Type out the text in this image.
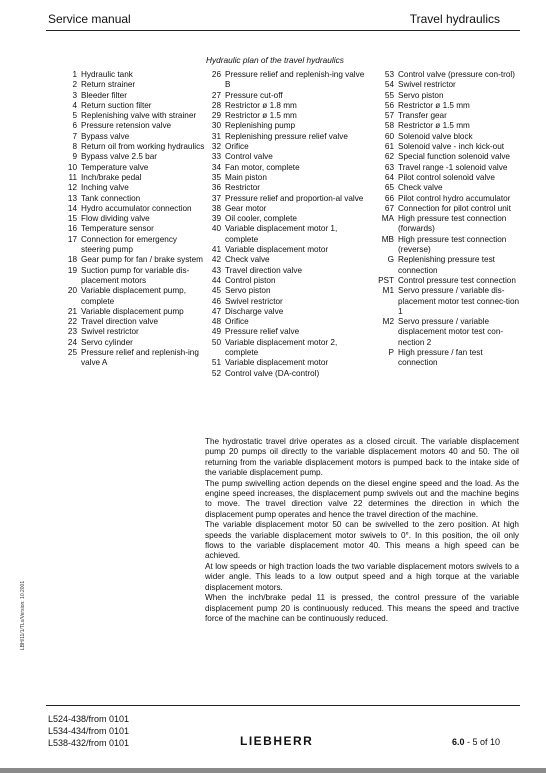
Service manual	Travel hydraulics
Hydraulic plan of the travel hydraulics
1 Hydraulic tank
2 Return strainer
3 Bleeder filter
4 Return suction filter
5 Replenishing valve with strainer
6 Pressure retension valve
7 Bypass valve
8 Return oil from working hydraulics
9 Bypass valve 2.5 bar
10 Temperature valve
11 Inch/brake pedal
12 Inching valve
13 Tank connection
14 Hydro accumulator connection
15 Flow dividing valve
16 Temperature sensor
17 Connection for emergency steering pump
18 Gear pump for fan / brake system
19 Suction pump for variable dis-placement motors
20 Variable displacement pump, complete
21 Variable displacement pump
22 Travel direction valve
23 Swivel restrictor
24 Servo cylinder
25 Pressure relief and replenish-ing valve A
26 Pressure relief and replenish-ing valve B
27 Pressure cut-off
28 Restrictor ø 1.8 mm
29 Restrictor ø 1.5 mm
30 Replenishing pump
31 Replenishing pressure relief valve
32 Orifice
33 Control valve
34 Fan motor, complete
35 Main piston
36 Restrictor
37 Pressure relief and proportion-al valve
38 Gear motor
39 Oil cooler, complete
40 Variable displacement motor 1, complete
41 Variable displacement motor
42 Check valve
43 Travel direction valve
44 Control piston
45 Servo piston
46 Swivel restrictor
47 Discharge valve
48 Orifice
49 Pressure relief valve
50 Variable displacement motor 2, complete
51 Variable displacement motor
52 Control valve (DA-control)
53 Control valve (pressure con-trol)
54 Swivel restrictor
55 Servo piston
56 Restrictor ø 1.5 mm
57 Transfer gear
58 Restrictor ø 1.5 mm
60 Solenoid valve block
61 Solenoid valve - inch kick-out
62 Special function solenoid valve
63 Travel range -1 solenoid valve
64 Pilot control solenoid valve
65 Check valve
66 Pilot control hydro accumulator
67 Connection for pilot control unit
MA High pressure test connection (forwards)
MB High pressure test connection (reverse)
G Replenishing pressure test connection
PST Control pressure test connection
M1 Servo pressure / variable dis-placement motor test connec-tion 1
M2 Servo pressure / variable displacement motor test con-nection 2
P High pressure / fan test connection

The hydrostatic travel drive operates as a closed circuit. The variable displacement pump 20 pumps oil directly to the variable displacement motors 40 and 50. The oil returning from the variable displacement motors is pumped back to the intake side of the variable displacement pump.

The pump swivelling action depends on the diesel engine speed and the load. As the engine speed increases, the displacement pump swivels out and the machine begins to move. The travel direction valve 22 determines the direction in which the displacement pump operates and hence the travel direction of the machine.

The variable displacement motor 50 can be swivelled to the zero position. At high speeds the variable displacement motor swivels to 0°. In this position, the oil only flows to the variable displacement motor 40. This means a high speed can be achieved.

At low speeds or high traction loads the two variable displacement motors swivels to a wider angle. This leads to a low output speed and a high torque at the variable displacement motors.

When the inch/brake pedal 11 is pressed, the control pressure of the variable displacement pump 20 is continuously reduced. This means the speed and tractive force of the machine can be continuously reduced.

LBH/11/1/TLx/Version: 10.2001
L524-438/from 0101
L534-434/from 0101
L538-432/from 0101	LIEBHERR	6.0 - 5 of 10
